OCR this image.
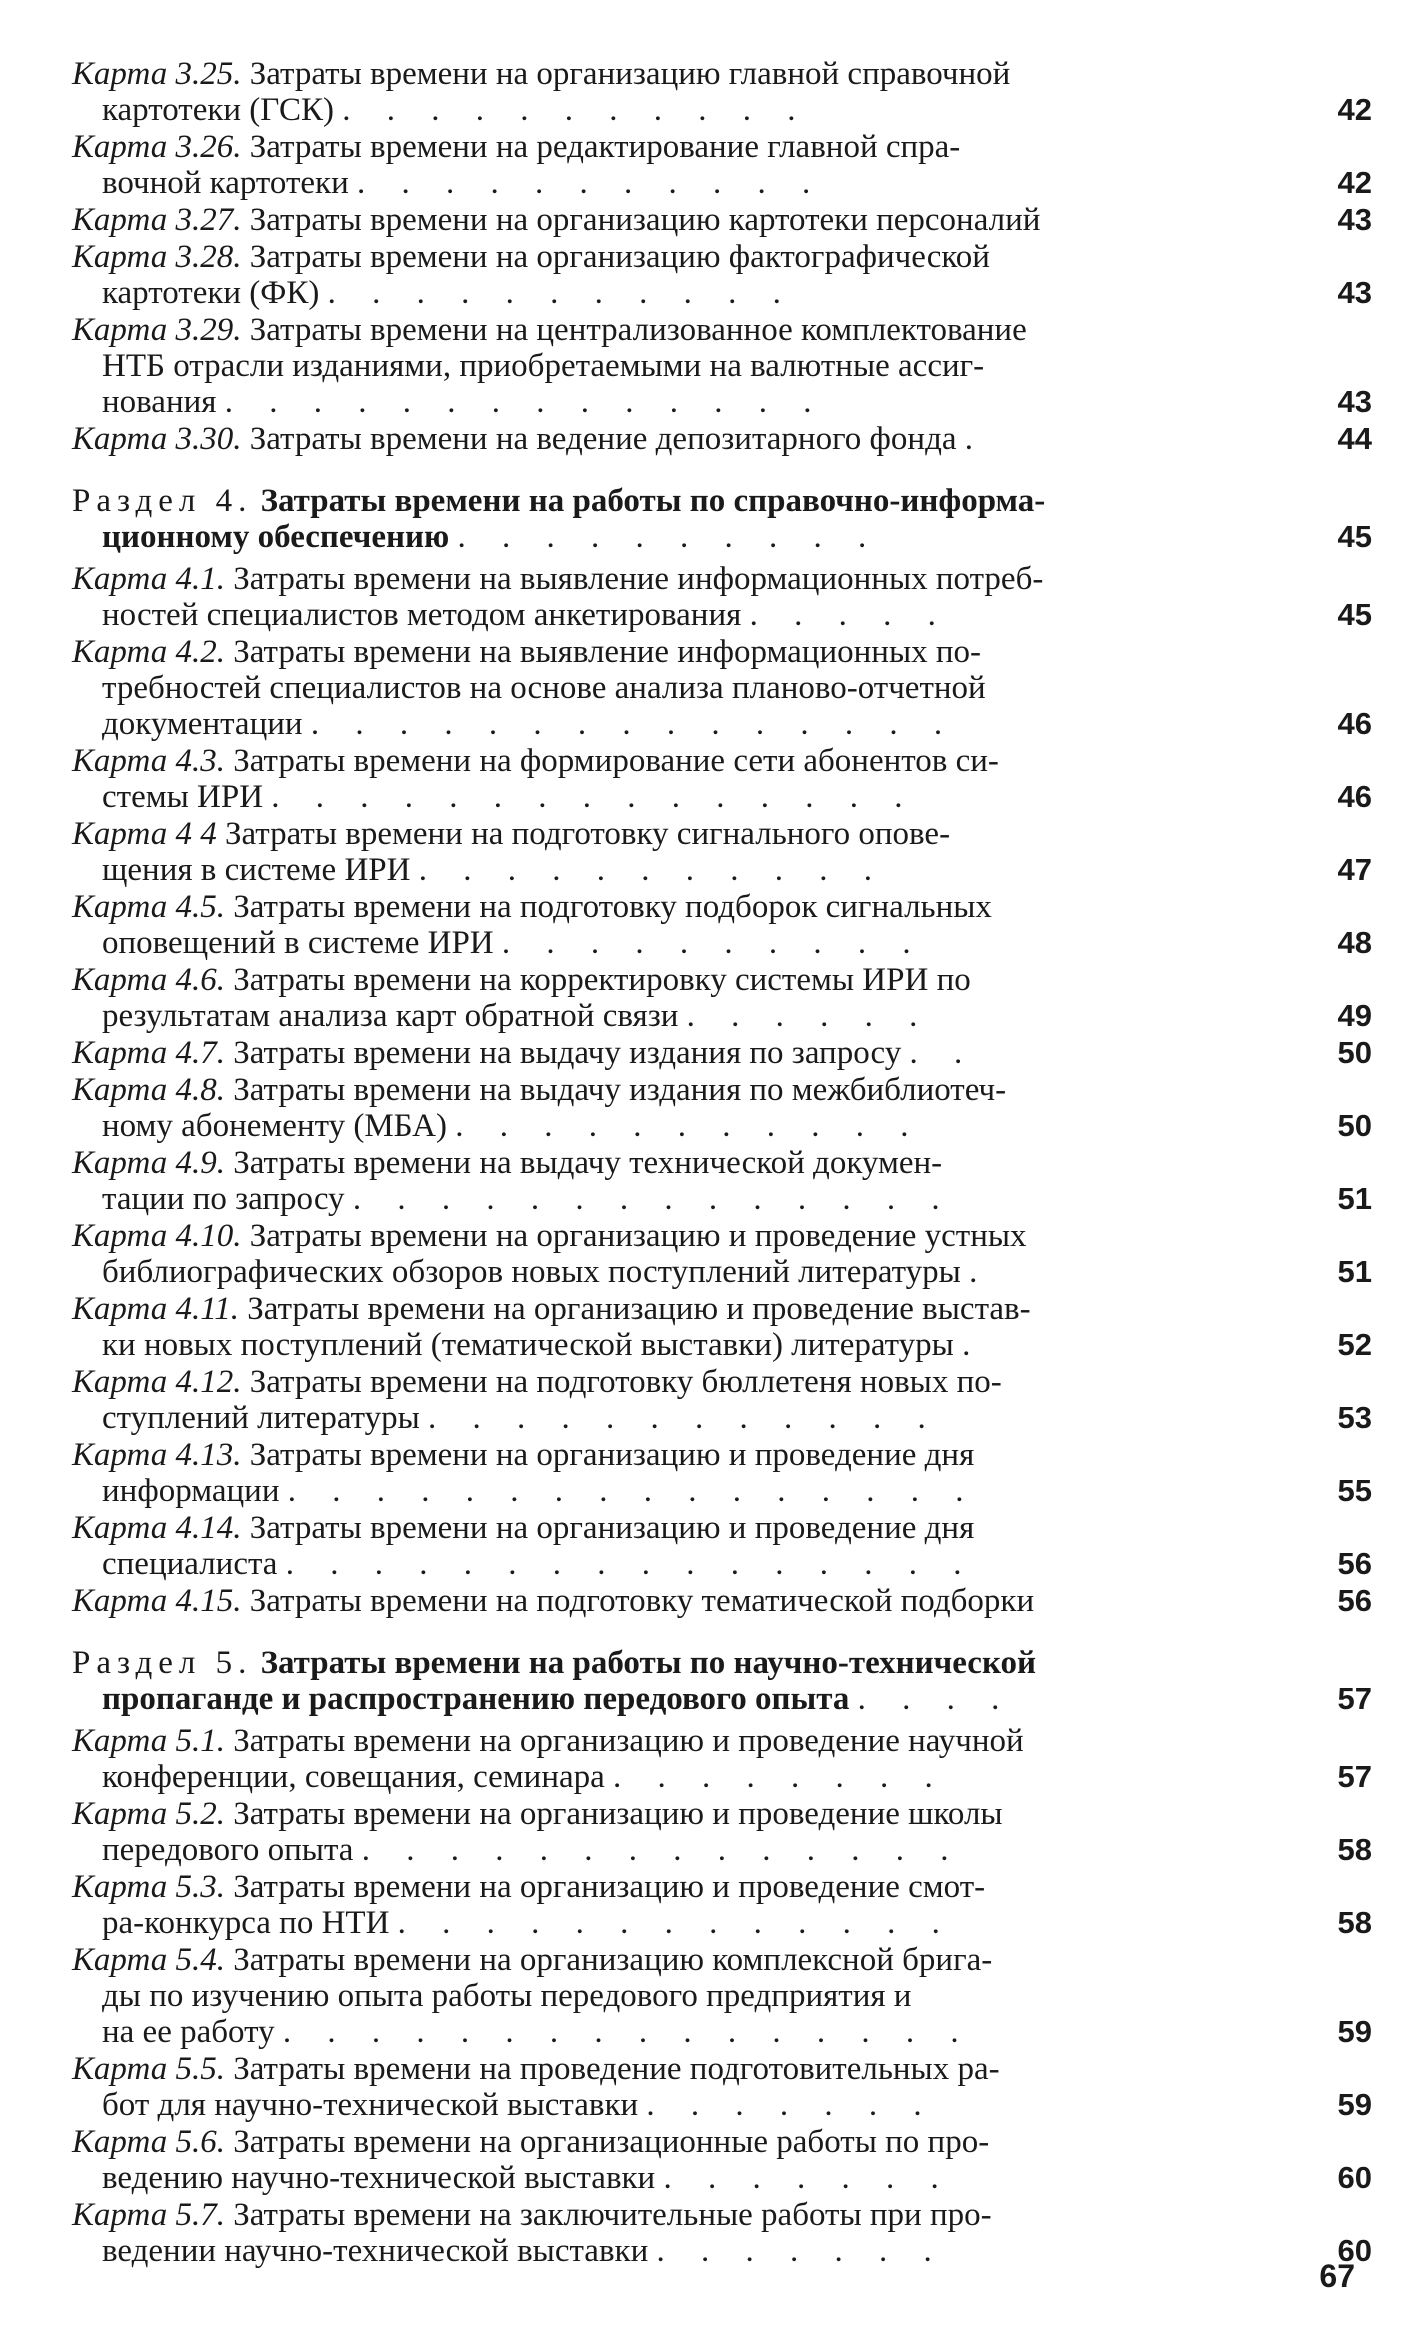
Карта 3.25. Затраты времени на организацию главной справочной
картотеки (ГСК) . . . . . . . . . . .	42
Карта 3.26. Затраты времени на редактирование главной спра-
вочной картотеки . . . . . . . . . . .	42
Карта 3.27. Затраты времени на организацию картотеки персоналий	43
Карта 3.28. Затраты времени на организацию фактографической
картотеки (ФК) . . . . . . . . . . .	43
Карта 3.29. Затраты времени на централизованное комплектование
НТБ отрасли изданиями, приобретаемыми на валютные ассиг-
нования . . . . . . . . . . . . . .	43
Карта 3.30. Затраты времени на ведение депозитарного фонда .	44
Раздел 4. Затраты времени на работы по справочно-информа-
ционному обеспечению . . . . . . . . . .	45
Карта 4.1. Затраты времени на выявление информационных потреб-
ностей специалистов методом анкетирования . . . . .	45
Карта 4.2. Затраты времени на выявление информационных по-
требностей специалистов на основе анализа планово-отчетной
документации . . . . . . . . . . . . . . .	46
Карта 4.3. Затраты времени на формирование сети абонентов си-
стемы ИРИ . . . . . . . . . . . . . . .	46
Карта 4 4 Затраты времени на подготовку сигнального опове-
щения в системе ИРИ . . . . . . . . . . .	47
Карта 4.5. Затраты времени на подготовку подборок сигнальных
оповещений в системе ИРИ . . . . . . . . . .	48
Карта 4.6. Затраты времени на корректировку системы ИРИ по
результатам анализа карт обратной связи . . . . . .	49
Карта 4.7. Затраты времени на выдачу издания по запросу . .	50
Карта 4.8. Затраты времени на выдачу издания по межбиблиотеч-
ному абонементу (МБА) . . . . . . . . . . .	50
Карта 4.9. Затраты времени на выдачу технической докумен-
тации по запросу . . . . . . . . . . . . . .	51
Карта 4.10. Затраты времени на организацию и проведение устных
библиографических обзоров новых поступлений литературы .	51
Карта 4.11. Затраты времени на организацию и проведение выстав-
ки новых поступлений (тематической выставки) литературы .	52
Карта 4.12. Затраты времени на подготовку бюллетеня новых по-
ступлений литературы . . . . . . . . . . . .	53
Карта 4.13. Затраты времени на организацию и проведение дня
информации . . . . . . . . . . . . . . . .	55
Карта 4.14. Затраты времени на организацию и проведение дня
специалиста . . . . . . . . . . . . . . . .	56
Карта 4.15. Затраты времени на подготовку тематической подборки	56
Раздел 5. Затраты времени на работы по научно-технической
пропаганде и распространению передового опыта . . . .	57
Карта 5.1. Затраты времени на организацию и проведение научной
конференции, совещания, семинара . . . . . . . .	57
Карта 5.2. Затраты времени на организацию и проведение школы
передового опыта . . . . . . . . . . . . . .	58
Карта 5.3. Затраты времени на организацию и проведение смот-
ра-конкурса по НТИ . . . . . . . . . . . . .	58
Карта 5.4. Затраты времени на организацию комплексной брига-
ды по изучению опыта работы передового предприятия и
на ее работу . . . . . . . . . . . . . . . .	59
Карта 5.5. Затраты времени на проведение подготовительных ра-
бот для научно-технической выставки . . . . . . .	59
Карта 5.6. Затраты времени на организационные работы по про-
ведению научно-технической выставки . . . . . . .	60
Карта 5.7. Затраты времени на заключительные работы при про-
ведении научно-технической выставки . . . . . . .	60
67
